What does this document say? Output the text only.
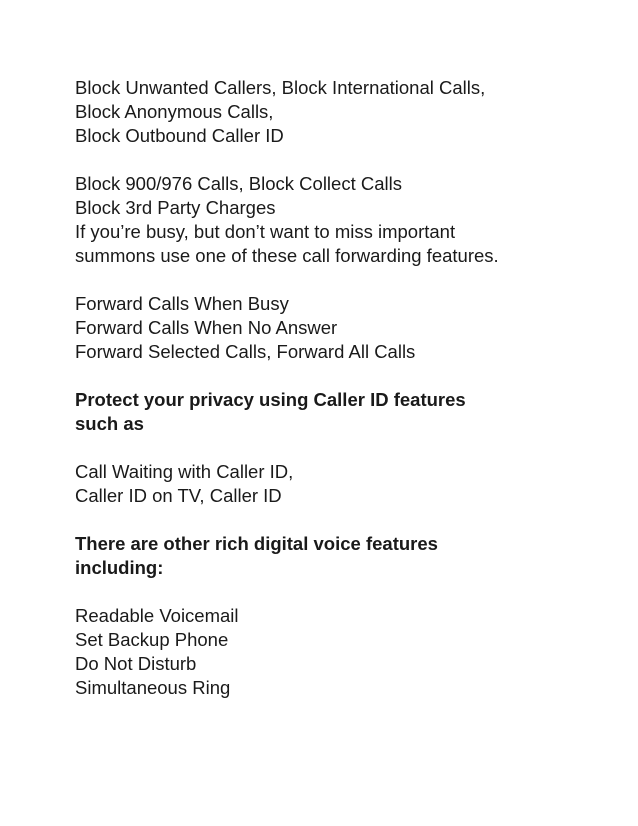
Block Unwanted Callers, Block International Calls,
Block Anonymous Calls,
Block Outbound Caller ID

Block 900/976 Calls, Block Collect Calls
Block 3rd Party Charges
If you’re busy, but don’t want to miss important
summons use one of these call forwarding features.

Forward Calls When Busy
Forward Calls When No Answer
Forward Selected Calls, Forward All Calls

Protect your privacy using Caller ID features
such as

Call Waiting with Caller ID,
Caller ID on TV, Caller ID

There are other rich digital voice features
including:

Readable Voicemail
Set Backup Phone
Do Not Disturb
Simultaneous Ring
